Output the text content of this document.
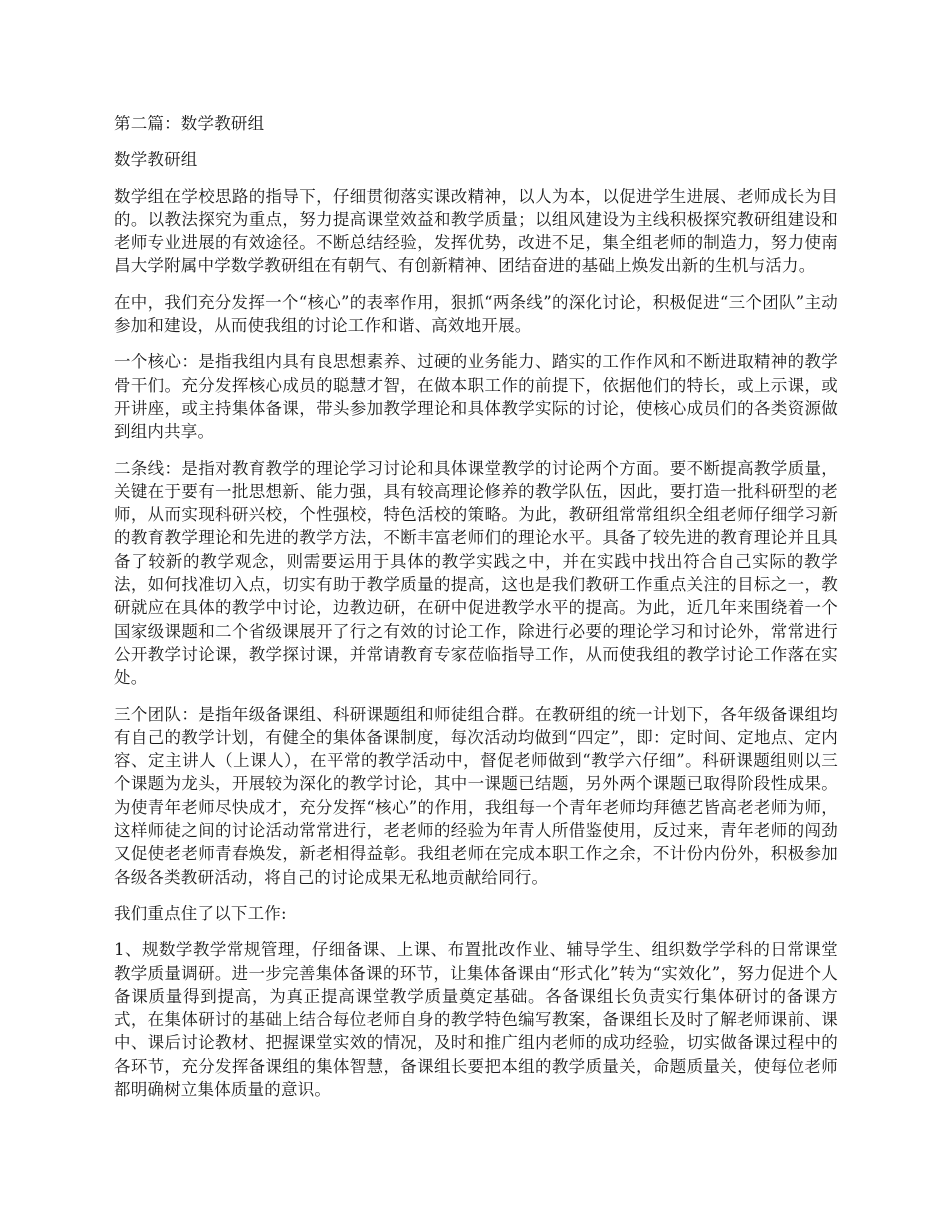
第二篇：数学教研组

数学教研组

数学组在学校思路的指导下，仔细贯彻落实课改精神，以人为本，以促进学生进展、老师成长为目的。以教法探究为重点，努力提高课堂效益和教学质量；以组风建设为主线积极探究教研组建设和老师专业进展的有效途径。不断总结经验，发挥优势，改进不足，集全组老师的制造力，努力使南昌大学附属中学数学教研组在有朝气、有创新精神、团结奋进的基础上焕发出新的生机与活力。

在中，我们充分发挥一个“核心”的表率作用，狠抓“两条线”的深化讨论，积极促进“三个团队”主动参加和建设，从而使我组的讨论工作和谐、高效地开展。

一个核心：是指我组内具有良思想素养、过硬的业务能力、踏实的工作作风和不断进取精神的教学骨干们。充分发挥核心成员的聪慧才智，在做本职工作的前提下，依据他们的特长，或上示课，或开讲座，或主持集体备课，带头参加教学理论和具体教学实际的讨论，使核心成员们的各类资源做到组内共享。

二条线：是指对教育教学的理论学习讨论和具体课堂教学的讨论两个方面。要不断提高教学质量，关键在于要有一批思想新、能力强，具有较高理论修养的教学队伍，因此，要打造一批科研型的老师，从而实现科研兴校，个性强校，特色活校的策略。为此，教研组常常组织全组老师仔细学习新的教育教学理论和先进的教学方法，不断丰富老师们的理论水平。具备了较先进的教育理论并且具备了较新的教学观念，则需要运用于具体的教学实践之中，并在实践中找出符合自己实际的教学法，如何找准切入点，切实有助于教学质量的提高，这也是我们教研工作重点关注的目标之一，教研就应在具体的教学中讨论，边教边研，在研中促进教学水平的提高。为此，近几年来围绕着一个国家级课题和二个省级课展开了行之有效的讨论工作，除进行必要的理论学习和讨论外，常常进行公开教学讨论课，教学探讨课，并常请教育专家莅临指导工作，从而使我组的教学讨论工作落在实处。

三个团队：是指年级备课组、科研课题组和师徒组合群。在教研组的统一计划下，各年级备课组均有自己的教学计划，有健全的集体备课制度，每次活动均做到“四定”，即：定时间、定地点、定内容、定主讲人（上课人），在平常的教学活动中，督促老师做到“教学六仔细”。科研课题组则以三个课题为龙头，开展较为深化的教学讨论，其中一课题已结题，另外两个课题已取得阶段性成果。为使青年老师尽快成才，充分发挥“核心”的作用，我组每一个青年老师均拜德艺皆高老老师为师，这样师徒之间的讨论活动常常进行，老老师的经验为年青人所借鉴使用，反过来，青年老师的闯劲又促使老老师青春焕发，新老相得益彰。我组老师在完成本职工作之余，不计份内份外，积极参加各级各类教研活动，将自己的讨论成果无私地贡献给同行。

我们重点住了以下工作:

1、规数学教学常规管理，仔细备课、上课、布置批改作业、辅导学生、组织数学学科的日常课堂教学质量调研。进一步完善集体备课的环节，让集体备课由“形式化”转为“实效化”，努力促进个人备课质量得到提高，为真正提高课堂教学质量奠定基础。各备课组长负责实行集体研讨的备课方式，在集体研讨的基础上结合每位老师自身的教学特色编写教案，备课组长及时了解老师课前、课中、课后讨论教材、把握课堂实效的情况，及时和推广组内老师的成功经验，切实做备课过程中的各环节，充分发挥备课组的集体智慧，备课组长要把本组的教学质量关，命题质量关，使每位老师都明确树立集体质量的意识。
